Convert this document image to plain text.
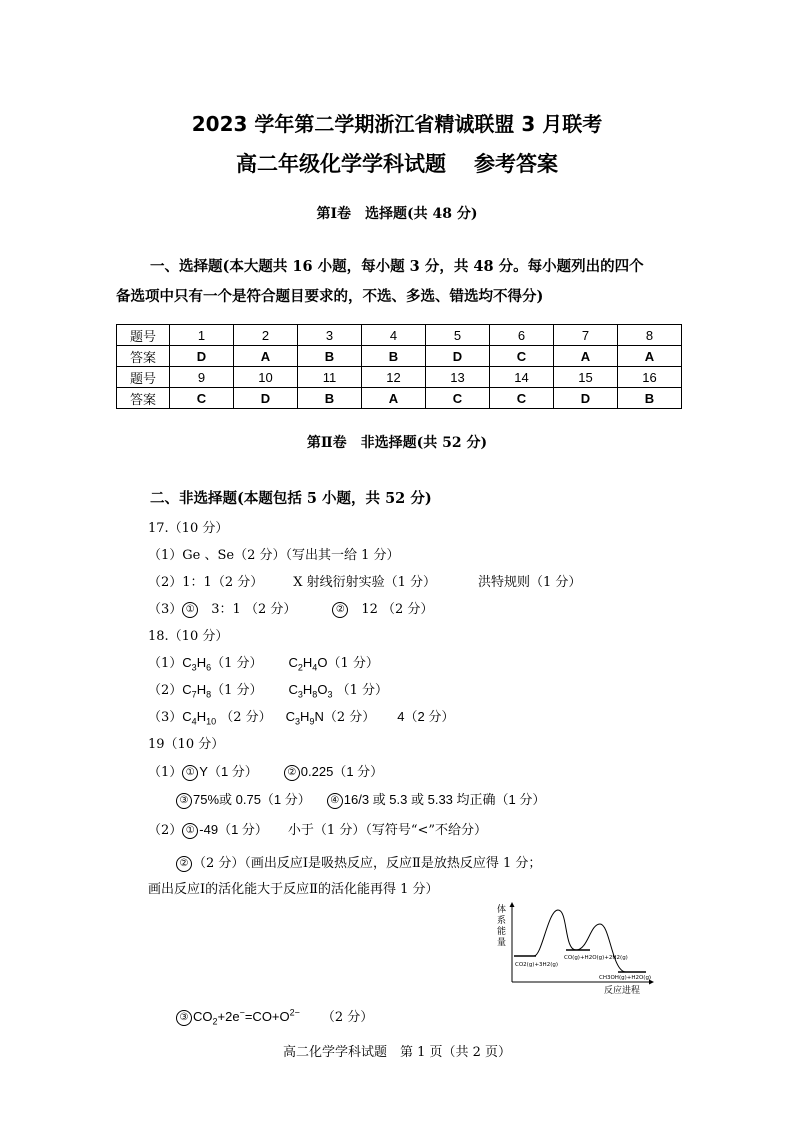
2023 学年第二学期浙江省精诚联盟 3 月联考
高二年级化学学科试题 参考答案
第Ⅰ卷　选择题(共 48 分)
一、选择题(本大题共 16 小题，每小题 3 分，共 48 分。每小题列出的四个
备选项中只有一个是符合题目要求的，不选、多选、错选均不得分)
题号	1	2	3	4	5	6	7	8
答案	D	A	B	B	D	C	A	A
题号	9	10	11	12	13	14	15	16
答案	C	D	B	A	C	C	D	B
第Ⅱ卷　非选择题(共 52 分)
二、非选择题(本题包括 5 小题，共 52 分)
17.（10 分）
（1）Ge 、Se（2 分）（写出其一给 1 分）
（2）1：1（2 分） X 射线衍射实验（1 分）	洪特规则（1 分）
（3） ① 3：1 （2 分）	② 12 （2 分）
18.（10 分）
$(1)C_3H_6(1$ 分） $C_2H_4O(1$ 分）
$(2)C_7H_8(1$ 分） $C_3H_8O_3$ （1 分）
$(3)C_4H_{10}$ （2 分） $C_3H_9N(2$ 分） 4（2 分）
19（10 分）
（1） ① Y（1 分）	② 0.225（1 分）
③ 75%或 0.75（1 分） ④ 16/3 或 5.3 或 5.33 均正确（1 分）
（2） ① -49（1 分） 小于（1 分）（写符号“<”不给分）
② （2 分）（画出反应Ⅰ是吸热反应，反应Ⅱ是放热反应得 1 分；
画出反应Ⅰ的活化能大于反应Ⅱ的活化能再得 1 分）
体
系
能
量
CO2(g)+3H2(g)
CO(g)+H2O(g)+2H2(g)
CH3OH(g)+H2O(g)
反应进程
③ $CO_2+2e^-=CO+O^{2-}$ （2 分）
高二化学学科试题　第 1 页（共 2 页）
